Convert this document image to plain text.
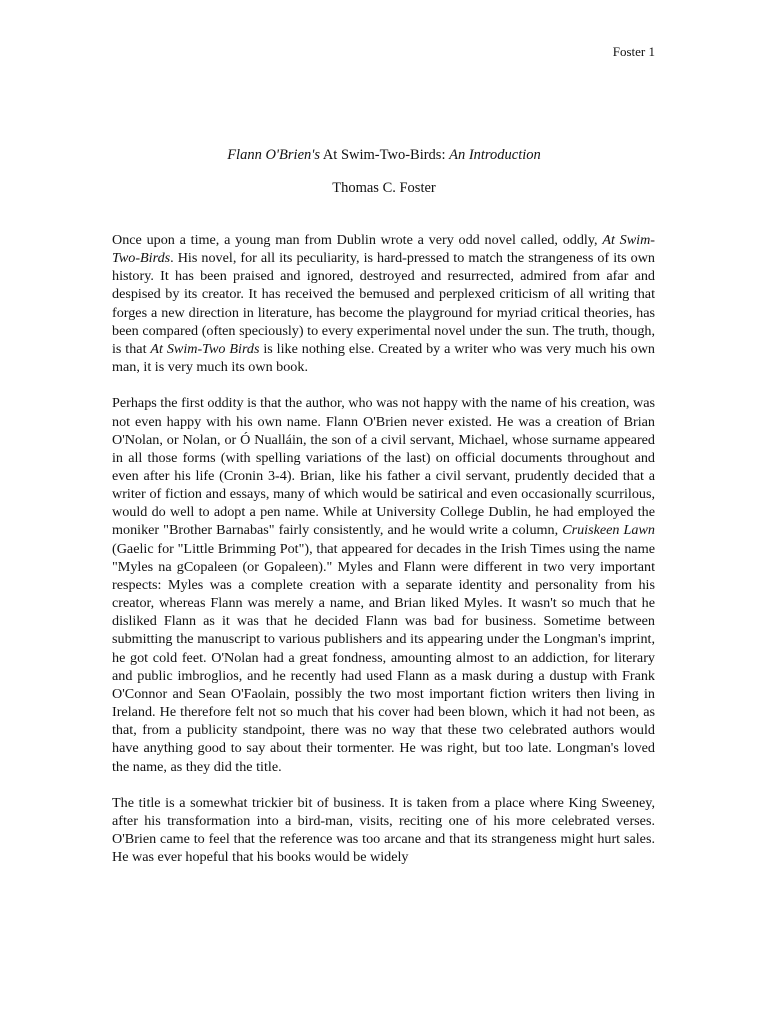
Foster 1
Flann O'Brien's At Swim-Two-Birds: An Introduction
Thomas C. Foster

Once upon a time, a young man from Dublin wrote a very odd novel called, oddly, At Swim-Two-Birds. His novel, for all its peculiarity, is hard-pressed to match the strangeness of its own history. It has been praised and ignored, destroyed and resurrected, admired from afar and despised by its creator. It has received the bemused and perplexed criticism of all writing that forges a new direction in literature, has become the playground for myriad critical theories, has been compared (often speciously) to every experimental novel under the sun. The truth, though, is that At Swim-Two Birds is like nothing else. Created by a writer who was very much his own man, it is very much its own book.

Perhaps the first oddity is that the author, who was not happy with the name of his creation, was not even happy with his own name. Flann O'Brien never existed. He was a creation of Brian O'Nolan, or Nolan, or Ó Nualláin, the son of a civil servant, Michael, whose surname appeared in all those forms (with spelling variations of the last) on official documents throughout and even after his life (Cronin 3-4). Brian, like his father a civil servant, prudently decided that a writer of fiction and essays, many of which would be satirical and even occasionally scurrilous, would do well to adopt a pen name. While at University College Dublin, he had employed the moniker "Brother Barnabas" fairly consistently, and he would write a column, Cruiskeen Lawn (Gaelic for "Little Brimming Pot"), that appeared for decades in the Irish Times using the name "Myles na gCopaleen (or Gopaleen)." Myles and Flann were different in two very important respects: Myles was a complete creation with a separate identity and personality from his creator, whereas Flann was merely a name, and Brian liked Myles. It wasn't so much that he disliked Flann as it was that he decided Flann was bad for business. Sometime between submitting the manuscript to various publishers and its appearing under the Longman's imprint, he got cold feet. O'Nolan had a great fondness, amounting almost to an addiction, for literary and public imbroglios, and he recently had used Flann as a mask during a dustup with Frank O'Connor and Sean O'Faolain, possibly the two most important fiction writers then living in Ireland. He therefore felt not so much that his cover had been blown, which it had not been, as that, from a publicity standpoint, there was no way that these two celebrated authors would have anything good to say about their tormenter. He was right, but too late. Longman's loved the name, as they did the title.

The title is a somewhat trickier bit of business. It is taken from a place where King Sweeney, after his transformation into a bird-man, visits, reciting one of his more celebrated verses. O'Brien came to feel that the reference was too arcane and that its strangeness might hurt sales. He was ever hopeful that his books would be widely
